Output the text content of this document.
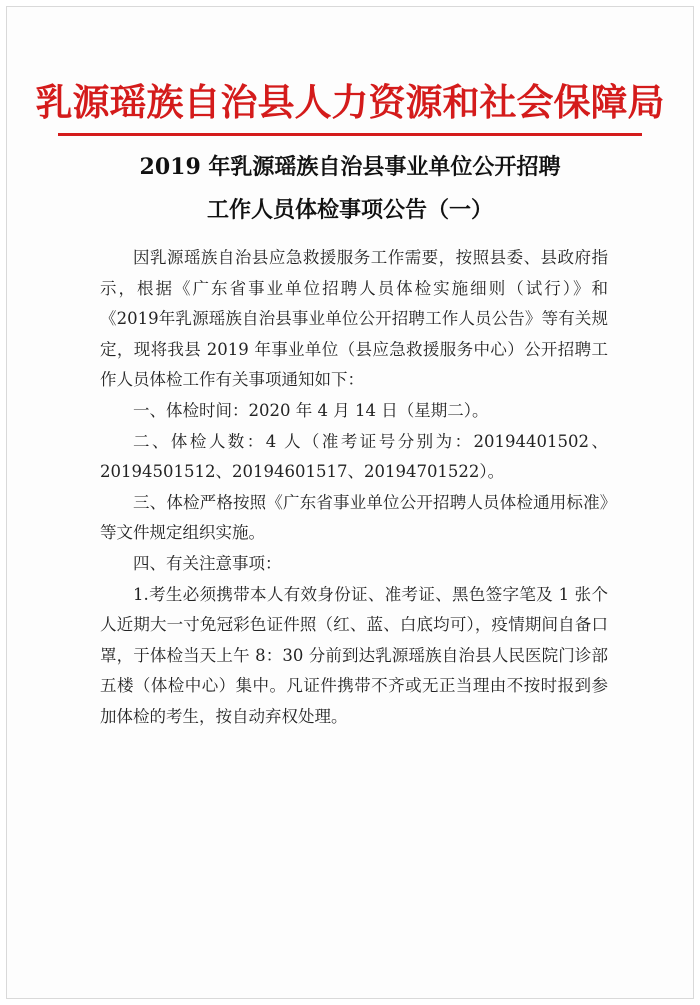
乳源瑶族自治县人力资源和社会保障局
2019 年乳源瑶族自治县事业单位公开招聘
工作人员体检事项公告（一）

因乳源瑶族自治县应急救援服务工作需要，按照县委、县政府指示，根据《广东省事业单位招聘人员体检实施细则（试行）》和《2019年乳源瑶族自治县事业单位公开招聘工作人员公告》等有关规定，现将我县 2019 年事业单位（县应急救援服务中心）公开招聘工作人员体检工作有关事项通知如下：

一、体检时间：2020 年 4 月 14 日（星期二）。

二、体检人数：4 人（准考证号分别为：20194401502、20194501512、20194601517、20194701522）。

三、体检严格按照《广东省事业单位公开招聘人员体检通用标准》等文件规定组织实施。

四、有关注意事项：

1.考生必须携带本人有效身份证、准考证、黑色签字笔及 1 张个人近期大一寸免冠彩色证件照（红、蓝、白底均可），疫情期间自备口罩，于体检当天上午 8：30 分前到达乳源瑶族自治县人民医院门诊部五楼（体检中心）集中。凡证件携带不齐或无正当理由不按时报到参加体检的考生，按自动弃权处理。
